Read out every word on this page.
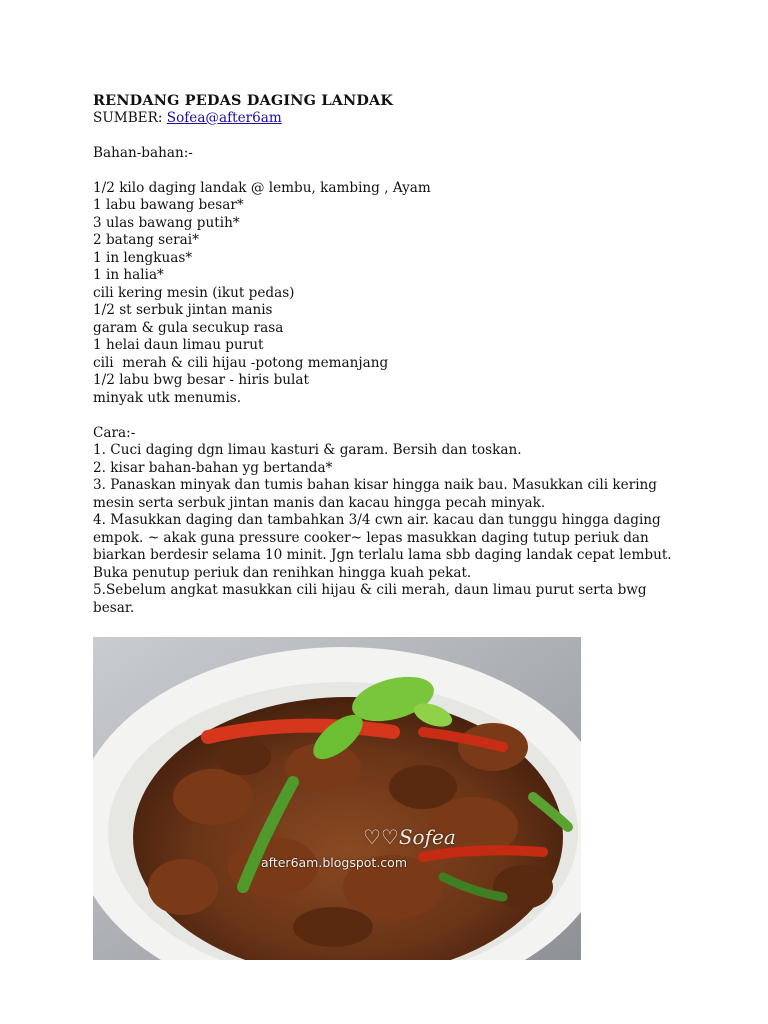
RENDANG PEDAS DAGING LANDAK
SUMBER: Sofea@after6am
Bahan-bahan:-
1/2 kilo daging landak @ lembu, kambing , Ayam
1 labu bawang besar*
3 ulas bawang putih*
2 batang serai*
1 in lengkuas*
1 in halia*
cili kering mesin (ikut pedas)
1/2 st serbuk jintan manis
garam & gula secukup rasa
1 helai daun limau purut
cili  merah & cili hijau -potong memanjang
1/2 labu bwg besar - hiris bulat
minyak utk menumis.
Cara:-
1. Cuci daging dgn limau kasturi & garam. Bersih dan toskan.
2. kisar bahan-bahan yg bertanda*
3. Panaskan minyak dan tumis bahan kisar hingga naik bau. Masukkan cili kering
mesin serta serbuk jintan manis dan kacau hingga pecah minyak.
4. Masukkan daging dan tambahkan 3/4 cwn air. kacau dan tunggu hingga daging
empok. ~ akak guna pressure cooker~ lepas masukkan daging tutup periuk dan
biarkan berdesir selama 10 minit. Jgn terlalu lama sbb daging landak cepat lembut.
Buka penutup periuk dan renihkan hingga kuah pekat.
5.Sebelum angkat masukkan cili hijau & cili merah, daun limau purut serta bwg
besar.
♡♡Sofea
after6am.blogspot.com
